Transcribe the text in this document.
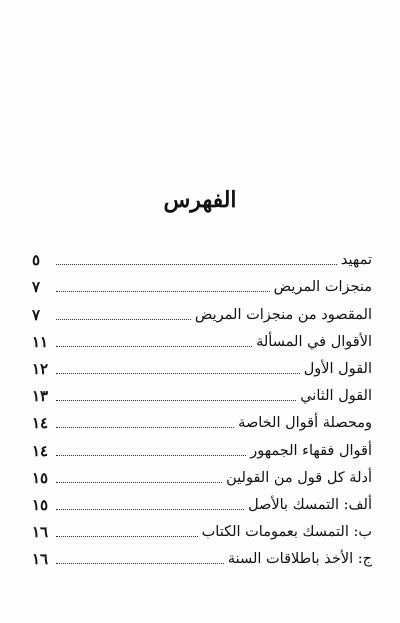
الفهرس
تمهيد
٥
منجزات المريض
٧
المقصود من منجزات المريض
٧
الأقوال في المسألة
١١
القول الأول
١٢
القول الثاني
١٣
ومحصلة أقوال الخاصة
١٤
أقوال فقهاء الجمهور
١٤
أدلة كل قول من القولين
١٥
ألف: التمسك بالأصل
١٥
ب: التمسك بعمومات الكتاب
١٦
ج: الأخذ باطلاقات السنة
١٦
